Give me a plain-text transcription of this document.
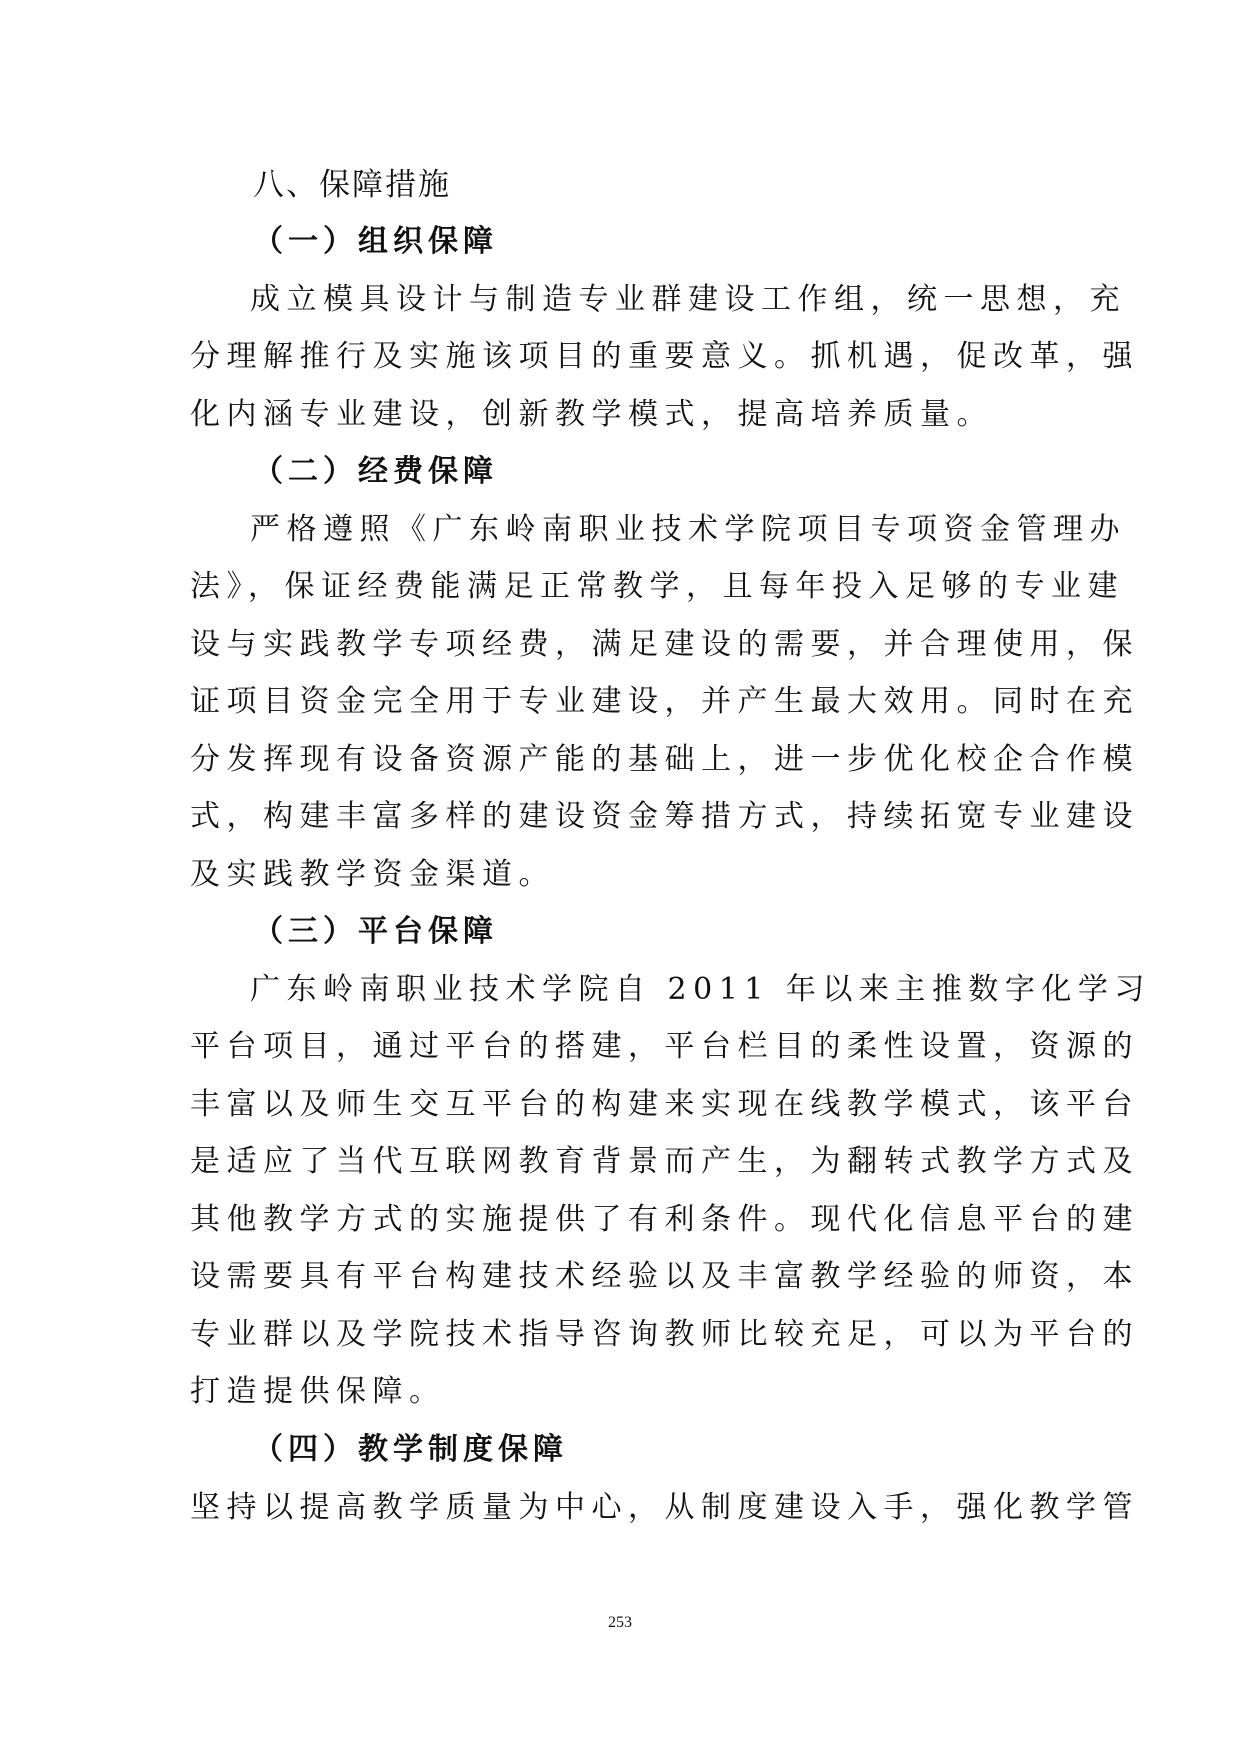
八、保障措施
（一）组织保障
成立模具设计与制造专业群建设工作组，统一思想，充
分理解推行及实施该项目的重要意义。抓机遇，促改革，强
化内涵专业建设，创新教学模式，提高培养质量。
（二）经费保障
严格遵照《广东岭南职业技术学院项目专项资金管理办
法》，保证经费能满足正常教学，且每年投入足够的专业建
设与实践教学专项经费，满足建设的需要，并合理使用，保
证项目资金完全用于专业建设，并产生最大效用。同时在充
分发挥现有设备资源产能的基础上，进一步优化校企合作模
式，构建丰富多样的建设资金筹措方式，持续拓宽专业建设
及实践教学资金渠道。
（三）平台保障
广东岭南职业技术学院自 2011 年以来主推数字化学习
平台项目，通过平台的搭建，平台栏目的柔性设置，资源的
丰富以及师生交互平台的构建来实现在线教学模式，该平台
是适应了当代互联网教育背景而产生，为翻转式教学方式及
其他教学方式的实施提供了有利条件。现代化信息平台的建
设需要具有平台构建技术经验以及丰富教学经验的师资，本
专业群以及学院技术指导咨询教师比较充足，可以为平台的
打造提供保障。
（四）教学制度保障
坚持以提高教学质量为中心，从制度建设入手，强化教学管
253
